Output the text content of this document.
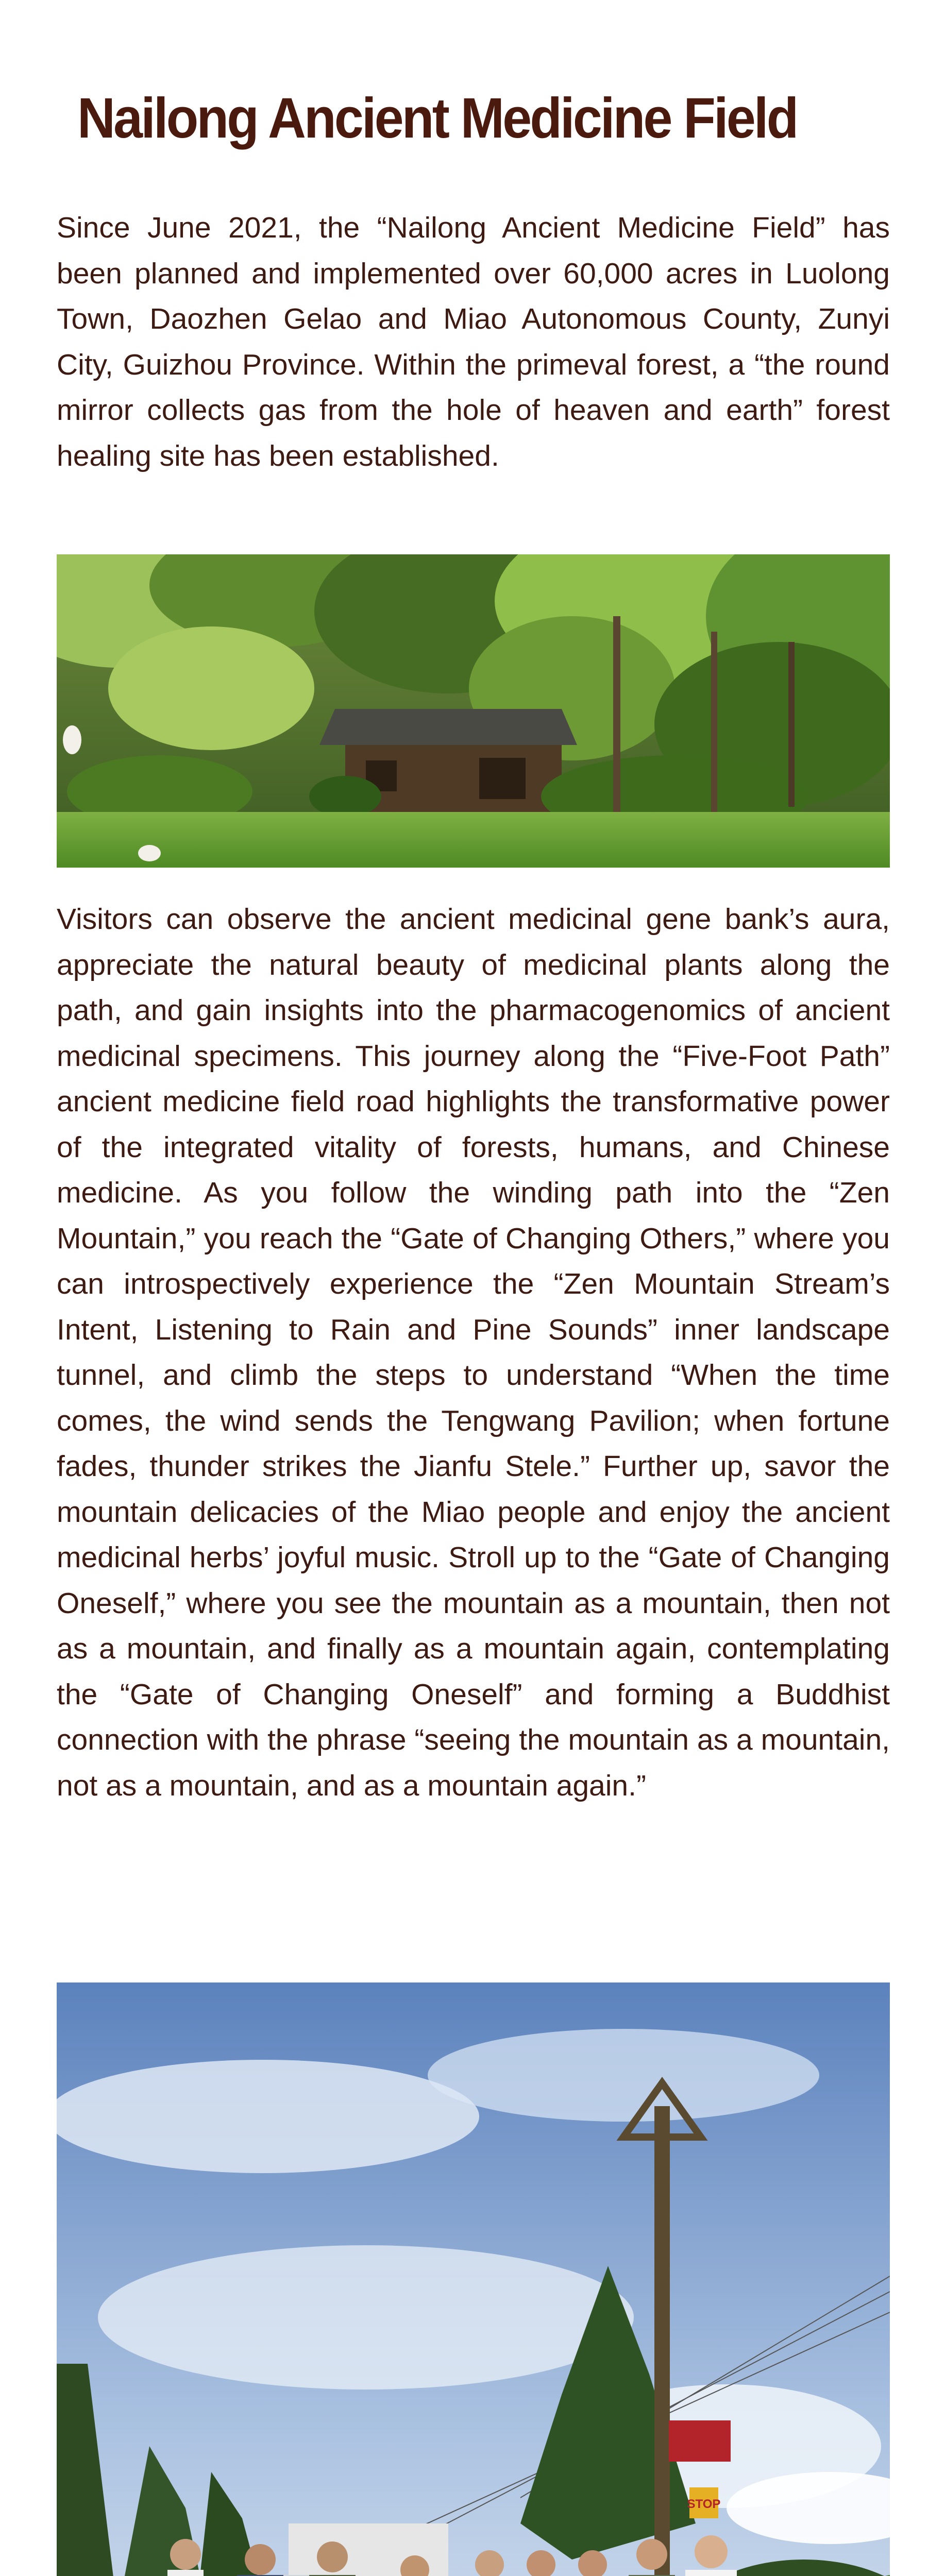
Nailong Ancient Medicine Field

Since June 2021, the “Nailong Ancient Medicine Field” has been planned and implemented over 60,000 acres in Luolong Town, Daozhen Gelao and Miao Autonomous County, Zunyi City, Guizhou Province. Within the primeval forest, a “the round mirror collects gas from the hole of heaven and earth” forest healing site has been established.

Visitors can observe the ancient medicinal gene bank’s aura, appreciate the natural beauty of medicinal plants along the path, and gain insights into the pharmacogenomics of ancient medicinal specimens. This journey along the “Five-Foot Path” ancient medicine field road highlights the transformative power of the integrated vitality of forests, humans, and Chinese medicine. As you follow the winding path into the “Zen Mountain,” you reach the “Gate of Changing Others,” where you can introspectively experience the “Zen Mountain Stream’s Intent, Listening to Rain and Pine Sounds” inner landscape tunnel, and climb the steps to understand “When the time comes, the wind sends the Tengwang Pavilion; when fortune fades, thunder strikes the Jianfu Stele.” Further up, savor the mountain delicacies of the Miao people and enjoy the ancient medicinal herbs’ joyful music. Stroll up to the “Gate of Changing Oneself,” where you see the mountain as a mountain, then not as a mountain, and finally as a mountain again, contemplating the “Gate of Changing Oneself” and forming a Buddhist connection with the phrase “seeing the mountain as a mountain, not as a mountain, and as a mountain again.”

STOP
